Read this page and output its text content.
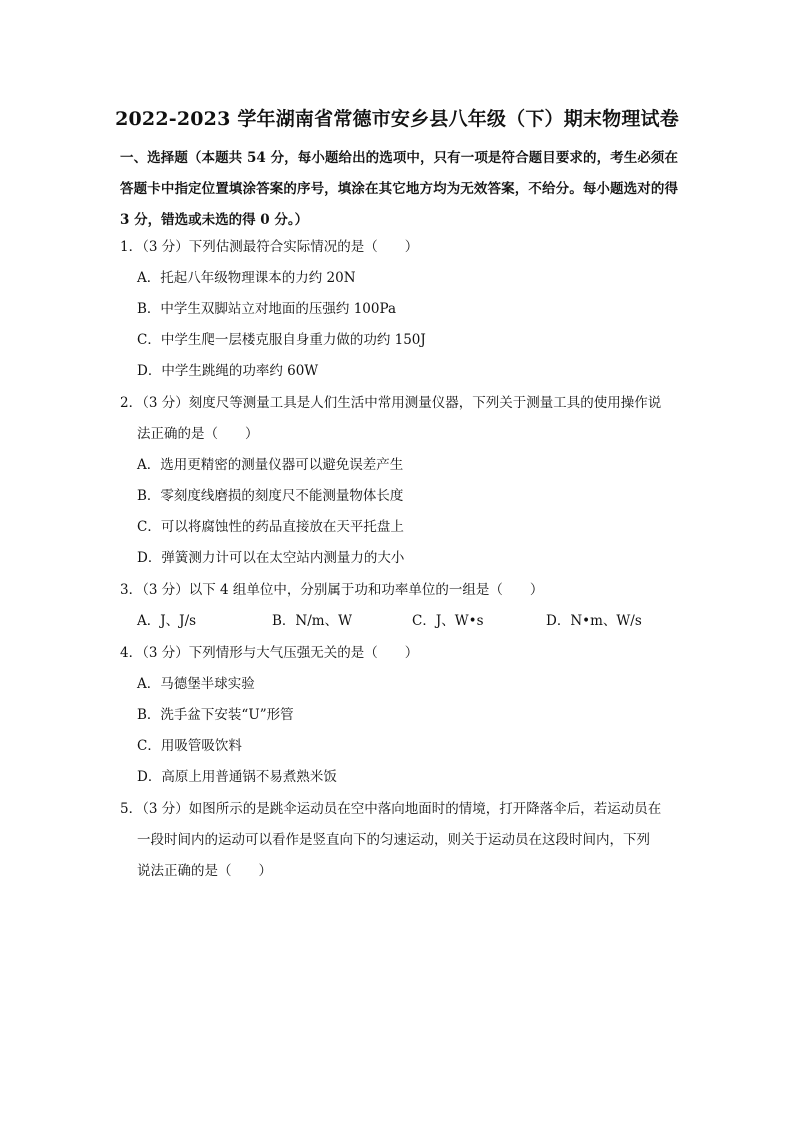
2022-2023 学年湖南省常德市安乡县八年级（下）期末物理试卷
一、选择题（本题共 54 分，每小题给出的选项中，只有一项是符合题目要求的，考生必须在答题卡中指定位置填涂答案的序号，填涂在其它地方均为无效答案，不给分。每小题选对的得 3 分，错选或未选的得 0 分。）
1．（3 分）下列估测最符合实际情况的是（　　）
A．托起八年级物理课本的力约 20N
B．中学生双脚站立对地面的压强约 100Pa
C．中学生爬一层楼克服自身重力做的功约 150J
D．中学生跳绳的功率约 60W
2．（3 分）刻度尺等测量工具是人们生活中常用测量仪器，下列关于测量工具的使用操作说
法正确的是（　　）
A．选用更精密的测量仪器可以避免误差产生
B．零刻度线磨损的刻度尺不能测量物体长度
C．可以将腐蚀性的药品直接放在天平托盘上
D．弹簧测力计可以在太空站内测量力的大小
3．（3 分）以下 4 组单位中，分别属于功和功率单位的一组是（　　）
A．J、J/s	B．N/m、W	C．J、W•s	D．N•m、W/s
4．（3 分）下列情形与大气压强无关的是（　　）
A．马德堡半球实验
B．洗手盆下安装“U”形管
C．用吸管吸饮料
D．高原上用普通锅不易煮熟米饭
5．（3 分）如图所示的是跳伞运动员在空中落向地面时的情境，打开降落伞后，若运动员在
一段时间内的运动可以看作是竖直向下的匀速运动，则关于运动员在这段时间内，下列
说法正确的是（　　）
